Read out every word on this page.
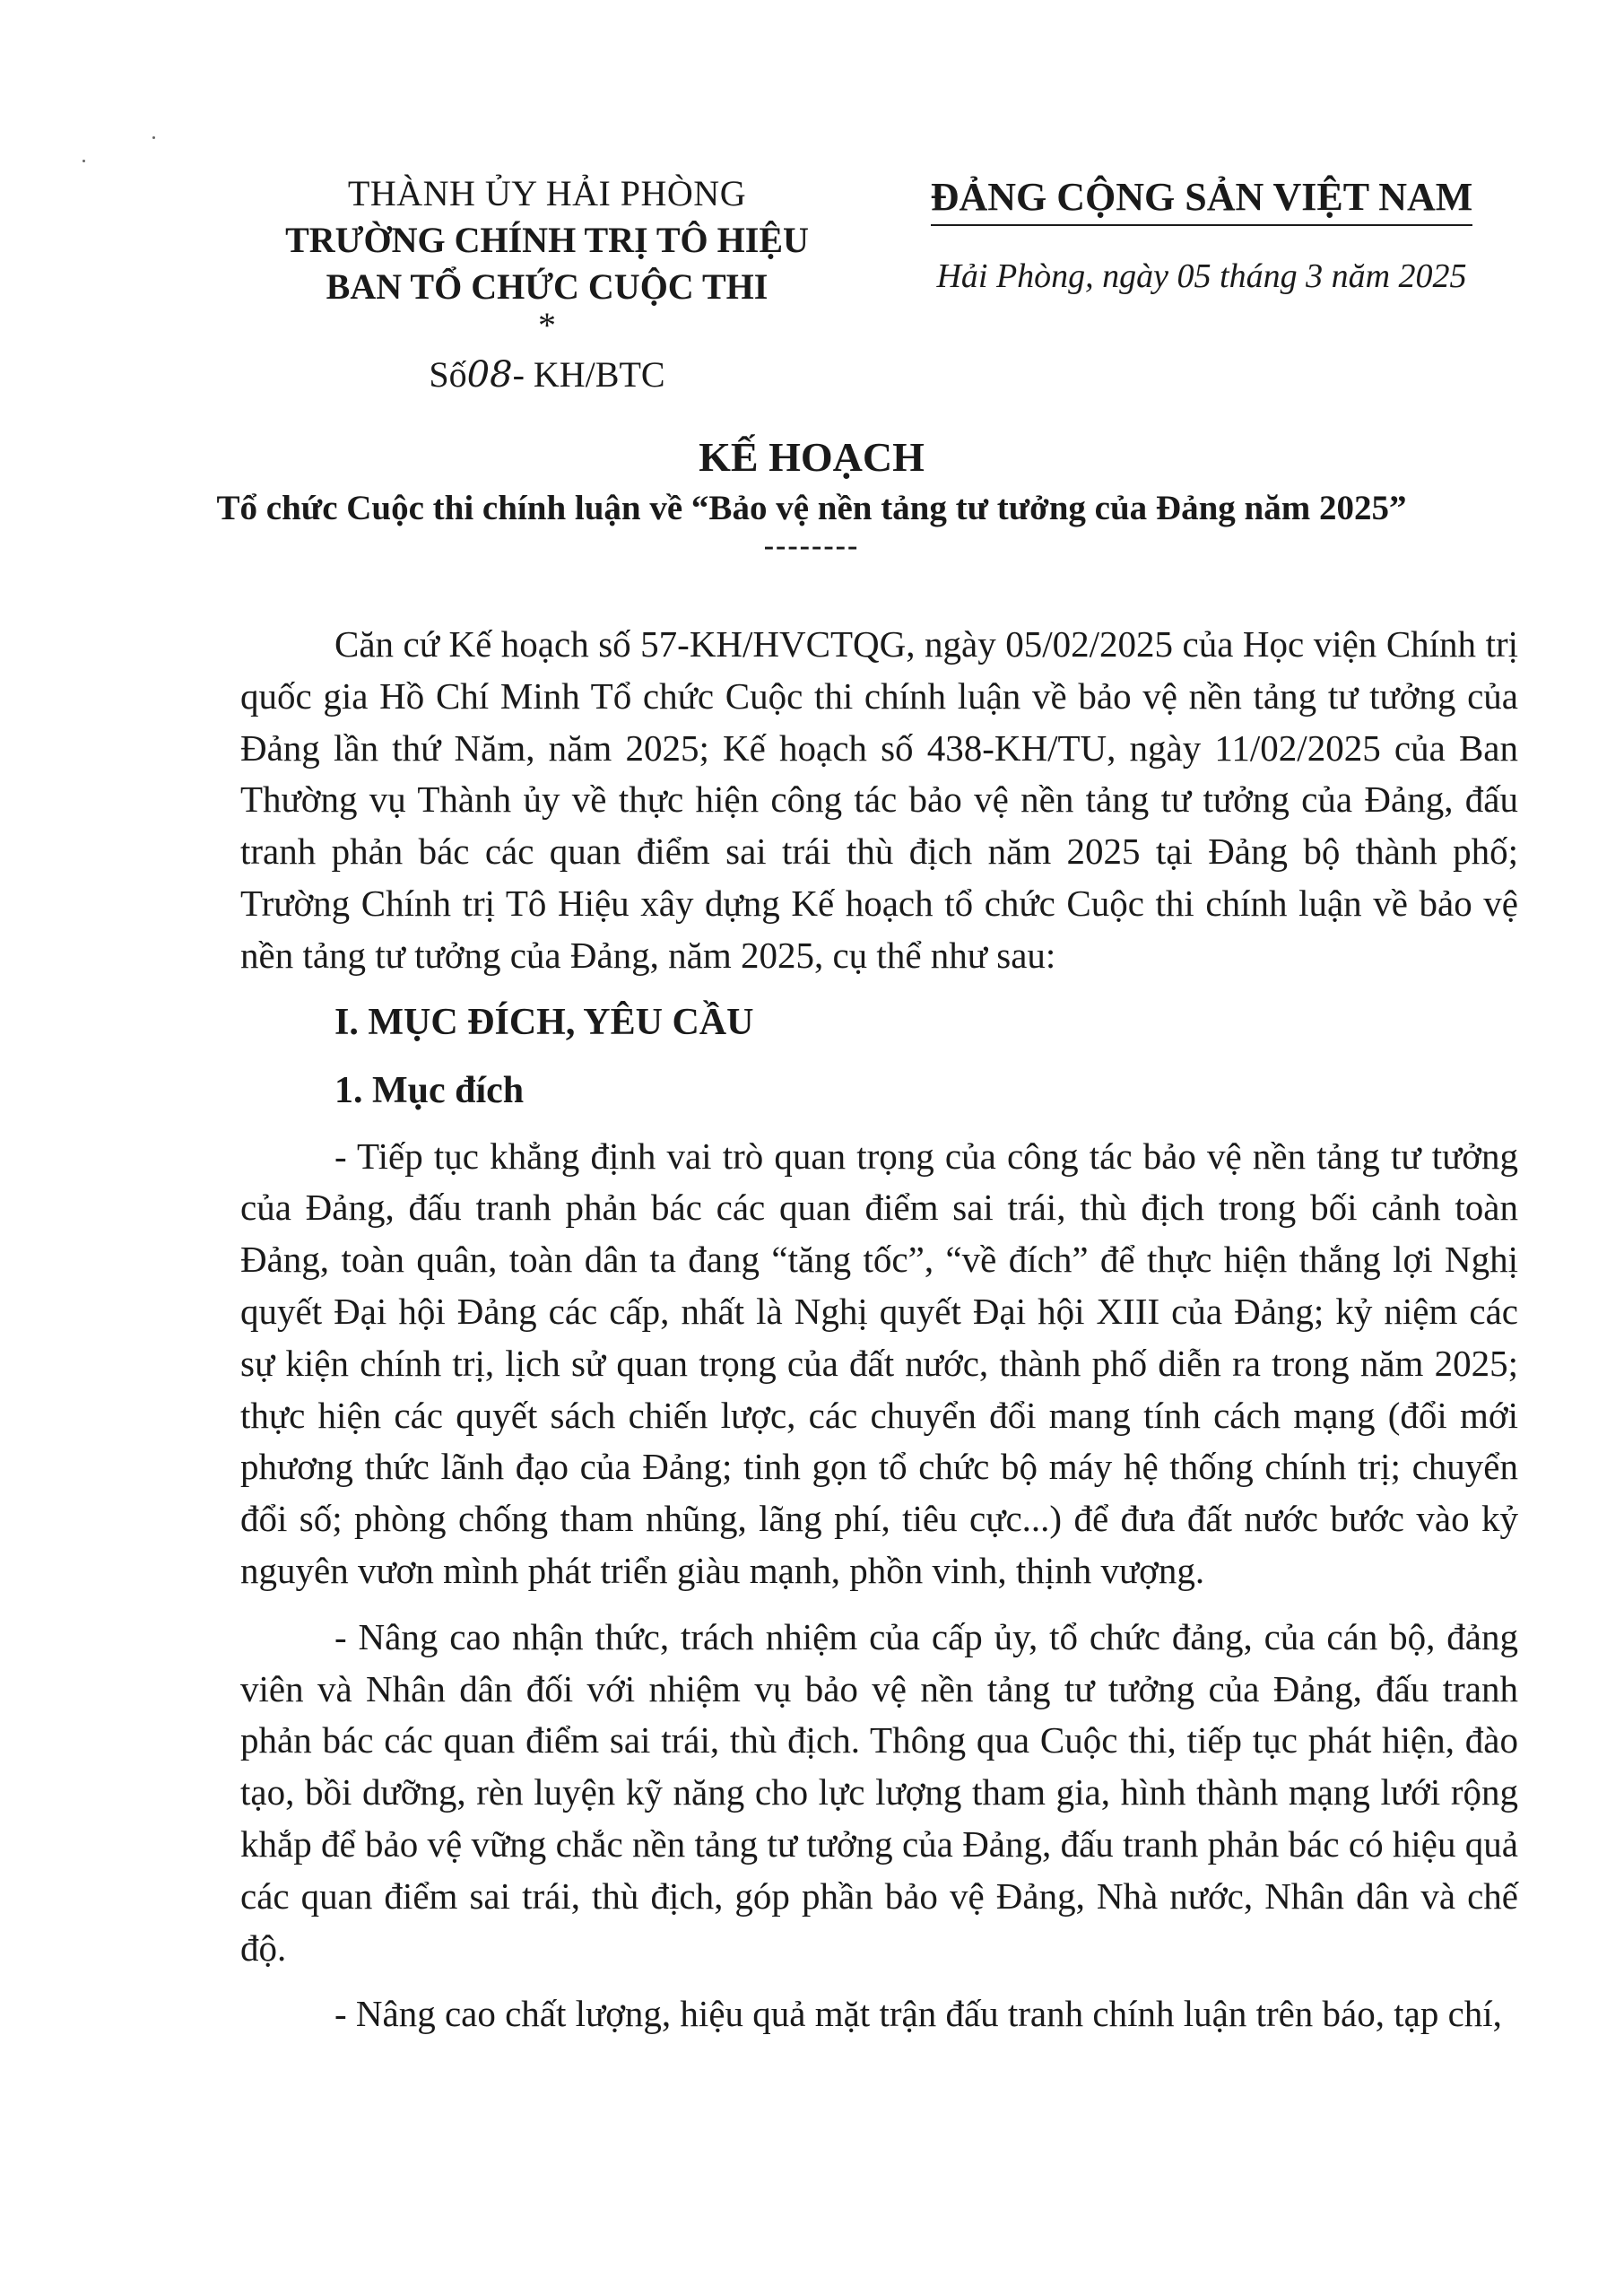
THÀNH ỦY HẢI PHÒNG
TRƯỜNG CHÍNH TRỊ TÔ HIỆU
BAN TỔ CHỨC CUỘC THI
*
Số08- KH/BTC
ĐẢNG CỘNG SẢN VIỆT NAM
Hải Phòng, ngày 05 tháng 3 năm 2025
KẾ HOẠCH
Tổ chức Cuộc thi chính luận về “Bảo vệ nền tảng tư tưởng của Đảng năm 2025”
--------

Căn cứ Kế hoạch số 57-KH/HVCTQG, ngày 05/02/2025 của Học viện Chính trị quốc gia Hồ Chí Minh Tổ chức Cuộc thi chính luận về bảo vệ nền tảng tư tưởng của Đảng lần thứ Năm, năm 2025; Kế hoạch số 438-KH/TU, ngày 11/02/2025 của Ban Thường vụ Thành ủy về thực hiện công tác bảo vệ nền tảng tư tưởng của Đảng, đấu tranh phản bác các quan điểm sai trái thù địch năm 2025 tại Đảng bộ thành phố; Trường Chính trị Tô Hiệu xây dựng Kế hoạch tổ chức Cuộc thi chính luận về bảo vệ nền tảng tư tưởng của Đảng, năm 2025, cụ thể như sau:

I. MỤC ĐÍCH, YÊU CẦU
1. Mục đích

- Tiếp tục khẳng định vai trò quan trọng của công tác bảo vệ nền tảng tư tưởng của Đảng, đấu tranh phản bác các quan điểm sai trái, thù địch trong bối cảnh toàn Đảng, toàn quân, toàn dân ta đang “tăng tốc”, “về đích” để thực hiện thắng lợi Nghị quyết Đại hội Đảng các cấp, nhất là Nghị quyết Đại hội XIII của Đảng; kỷ niệm các sự kiện chính trị, lịch sử quan trọng của đất nước, thành phố diễn ra trong năm 2025; thực hiện các quyết sách chiến lược, các chuyển đổi mang tính cách mạng (đổi mới phương thức lãnh đạo của Đảng; tinh gọn tổ chức bộ máy hệ thống chính trị; chuyển đổi số; phòng chống tham nhũng, lãng phí, tiêu cực...) để đưa đất nước bước vào kỷ nguyên vươn mình phát triển giàu mạnh, phồn vinh, thịnh vượng.

- Nâng cao nhận thức, trách nhiệm của cấp ủy, tổ chức đảng, của cán bộ, đảng viên và Nhân dân đối với nhiệm vụ bảo vệ nền tảng tư tưởng của Đảng, đấu tranh phản bác các quan điểm sai trái, thù địch. Thông qua Cuộc thi, tiếp tục phát hiện, đào tạo, bồi dưỡng, rèn luyện kỹ năng cho lực lượng tham gia, hình thành mạng lưới rộng khắp để bảo vệ vững chắc nền tảng tư tưởng của Đảng, đấu tranh phản bác có hiệu quả các quan điểm sai trái, thù địch, góp phần bảo vệ Đảng, Nhà nước, Nhân dân và chế độ.

- Nâng cao chất lượng, hiệu quả mặt trận đấu tranh chính luận trên báo, tạp chí,
